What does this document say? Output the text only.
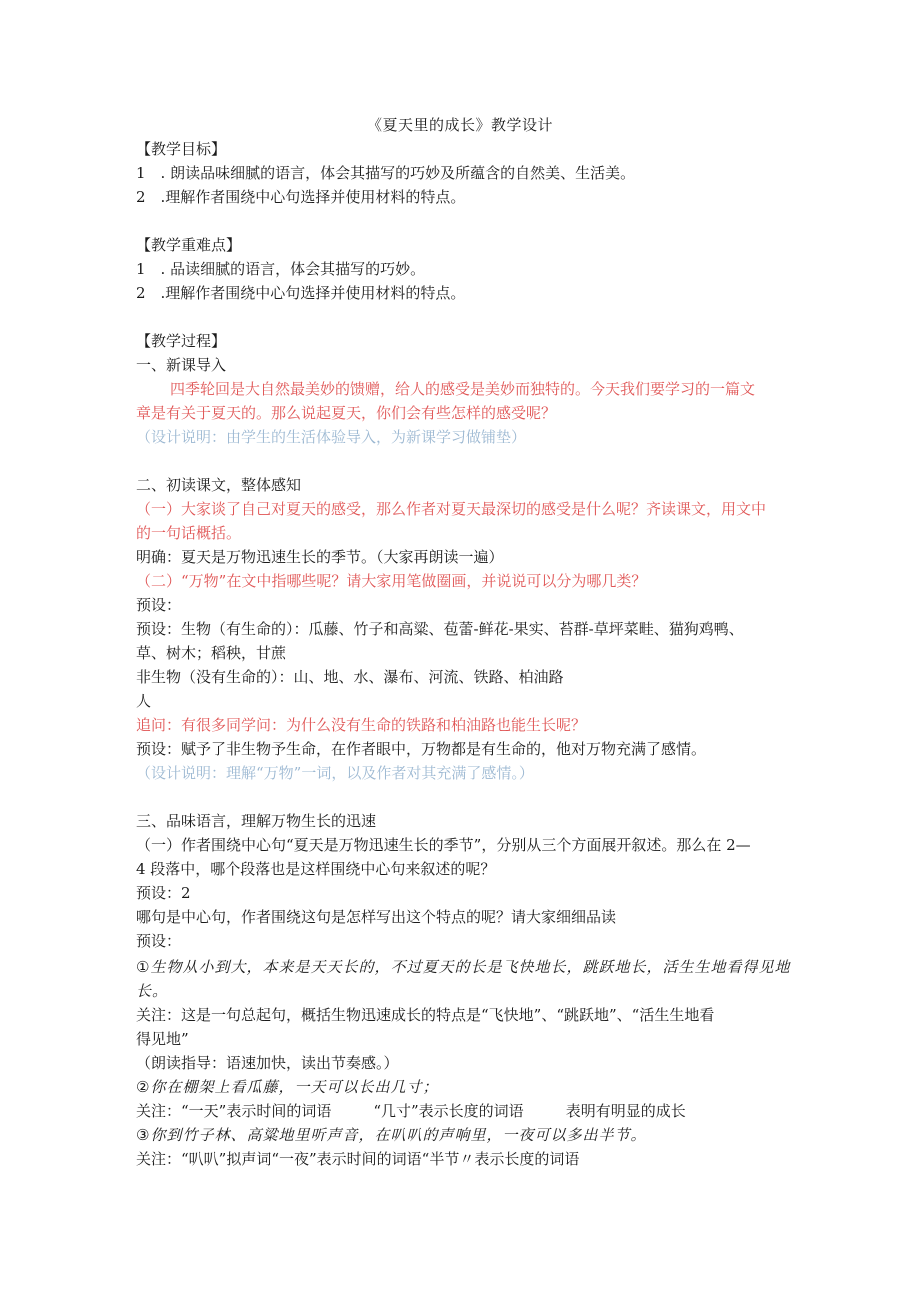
《夏天里的成长》教学设计
【教学目标】
1　. 朗读品味细腻的语言，体会其描写的巧妙及所蕴含的自然美、生活美。
2　.理解作者围绕中心句选择并使用材料的特点。
【教学重难点】
1　. 品读细腻的语言，体会其描写的巧妙。
2　.理解作者围绕中心句选择并使用材料的特点。
【教学过程】
一、新课导入
四季轮回是大自然最美妙的馈赠，给人的感受是美妙而独特的。今天我们要学习的一篇文
章是有关于夏天的。那么说起夏天，你们会有些怎样的感受呢？
（设计说明：由学生的生活体验导入，为新课学习做铺垫）
二、初读课文，整体感知
（一）大家谈了自己对夏天的感受，那么作者对夏天最深切的感受是什么呢？齐读课文，用文中
的一句话概括。
明确：夏天是万物迅速生长的季节。（大家再朗读一遍）
（二）“万物”在文中指哪些呢？请大家用笔做圈画，并说说可以分为哪几类？
预设：
预设：生物（有生命的）：瓜藤、竹子和高粱、苞蕾-鲜花-果实、苔群-草坪菜畦、猫狗鸡鸭、
草、树木；稻秧，甘蔗
非生物（没有生命的）：山、地、水、瀑布、河流、铁路、柏油路
人
追问：有很多同学问：为什么没有生命的铁路和柏油路也能生长呢？
预设：赋予了非生物予生命，在作者眼中，万物都是有生命的，他对万物充满了感情。
（设计说明：理解“万物”一词，以及作者对其充满了感情。）
三、品味语言，理解万物生长的迅速
（一）作者围绕中心句“夏天是万物迅速生长的季节”，分别从三个方面展开叙述。那么在 2—
4 段落中，哪个段落也是这样围绕中心句来叙述的呢？
预设：2
哪句是中心句，作者围绕这句是怎样写出这个特点的呢？请大家细细品读
预设：
①生物从小到大，本来是天天长的，不过夏天的长是飞快地长，跳跃地长，活生生地看得见地
长。
关注：这是一句总起句，概括生物迅速成长的特点是“飞快地”、“跳跃地”、“活生生地看
得见地”
（朗读指导：语速加快，读出节奏感。）
②你在棚架上看瓜藤，一天可以长出几寸；
关注：“一天”表示时间的词语	“几寸”表示长度的词语	表明有明显的成长
③你到竹子林、高粱地里听声音，在叭叭的声响里，一夜可以多出半节。
关注：“叭叭”拟声词“一夜”表示时间的词语“半节〃表示长度的词语
